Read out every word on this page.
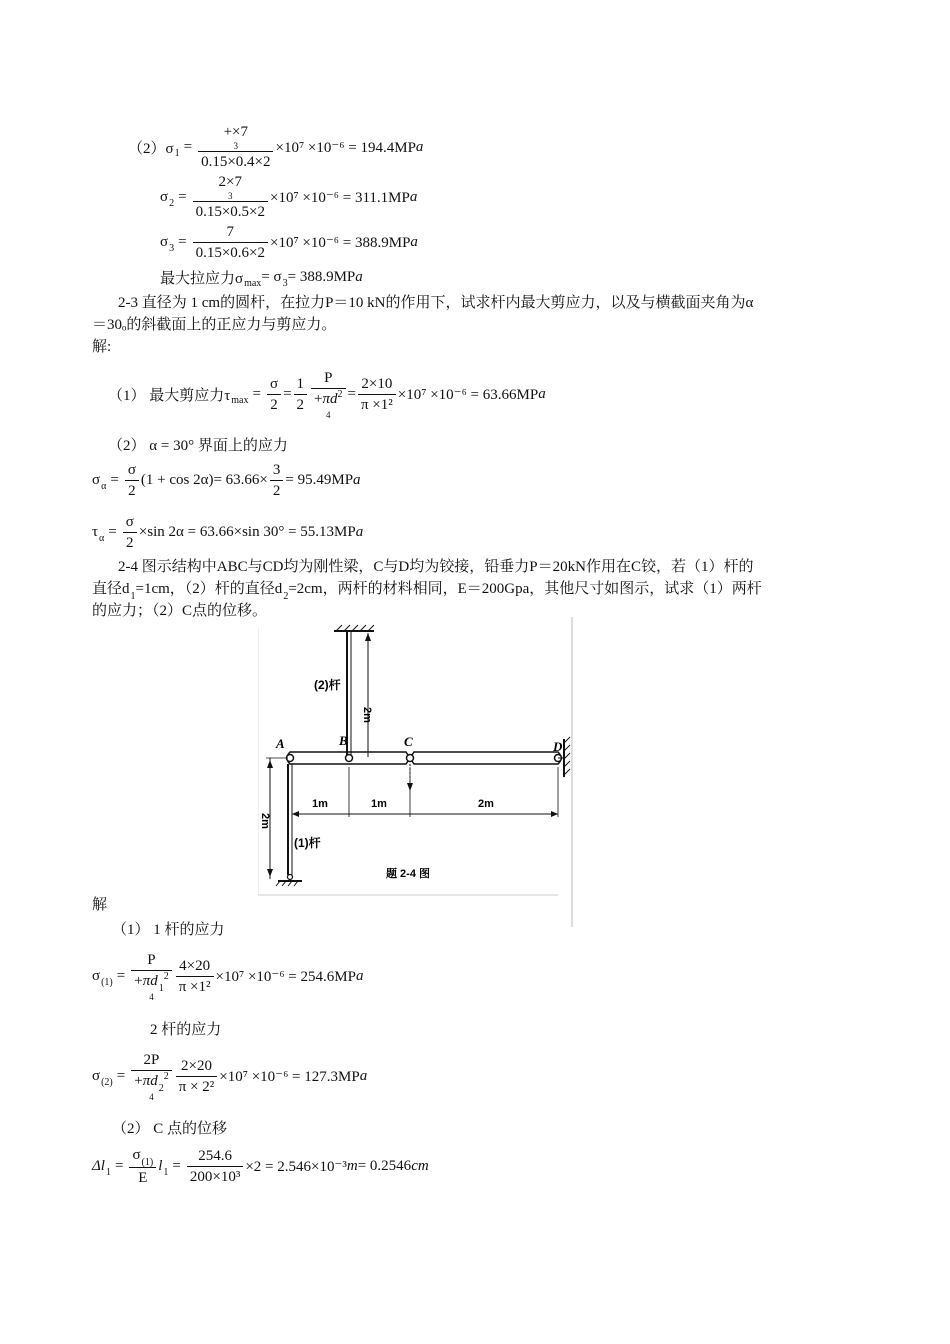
（2）σ 1 = +×7
3
0.15×0.4×2 ×10⁷ ×10⁻⁶ = 194.4MP a
σ 2 = 2×7
3
0.15×0.5×2 ×10⁷ ×10⁻⁶ = 311.1MP a
σ $3 = \frac{7}{0.15\times 0.6\times 2} \times 10^7 \times 10^{-6} = 388.9MP$ a
最大拉应力σ max = σ 3 = 388.9MP a
2-3 直径为 1 cm的圆杆，在拉力P＝10 kN的作用下，试求杆内最大剪应力，以及与横截面夹角为α
＝30ₒ的斜截面上的正应力与剪应力。
解:
（1） 最大剪应力τ $\max = \frac{\sigma}{2} = \frac{1}{2}$ P
$+\pi d^2$
$4 = \frac{2\times 10}{\text{π ×1²}} \times 10^7 \times 10^{-6} = 63.66MP$ a
（2） α = 30° 界面上的应力
σ $\alpha = \frac{\sigma}{2} (1 + \cos 2\alpha) = 63.66\times \frac{3}{2} = 95.49MP$ a
τ $\alpha = \frac{\sigma}{2} \times\sin$ 2α = 63.66×sin 30° = 55.13MP a
2-4 图示结构中ABC与CD均为刚性梁，C与D均为铰接，铅垂力P＝20kN作用在C铰，若（1）杆的
直径$d_1=1cm$，（2）杆的直径$d_2=2cm$，两杆的材料相同，E＝200Gpa，其他尺寸如图示，试求（1）两杆
的应力；（2）C点的位移。
A	B	C	D
(2)杆
(1)杆
2m
2m
1m	1m	2m
题 2-4 图
解
（1） 1 杆的应力
σ (1) = P
$+\pi d_1^2$
$4 \frac{4\times 20}{\text{π ×1²}} \times 10^7 \times 10^{-6} = 254.6MP$ a
2 杆的应力
σ (2) = 2P
$+\pi d_2^2$
$4 \frac{2\times 20}{\text{π × 2²}} \times 10^7 \times 10^{-6} = 127.3MP$ a
（2） C 点的位移
Δl $1 = \frac{\sigma_{(1)}}{E}$ l $1 = \frac{254.6}{\text{200×10³}} \times 2 = 2.546\times 10^{-3}$ m = 0.2546 cm
